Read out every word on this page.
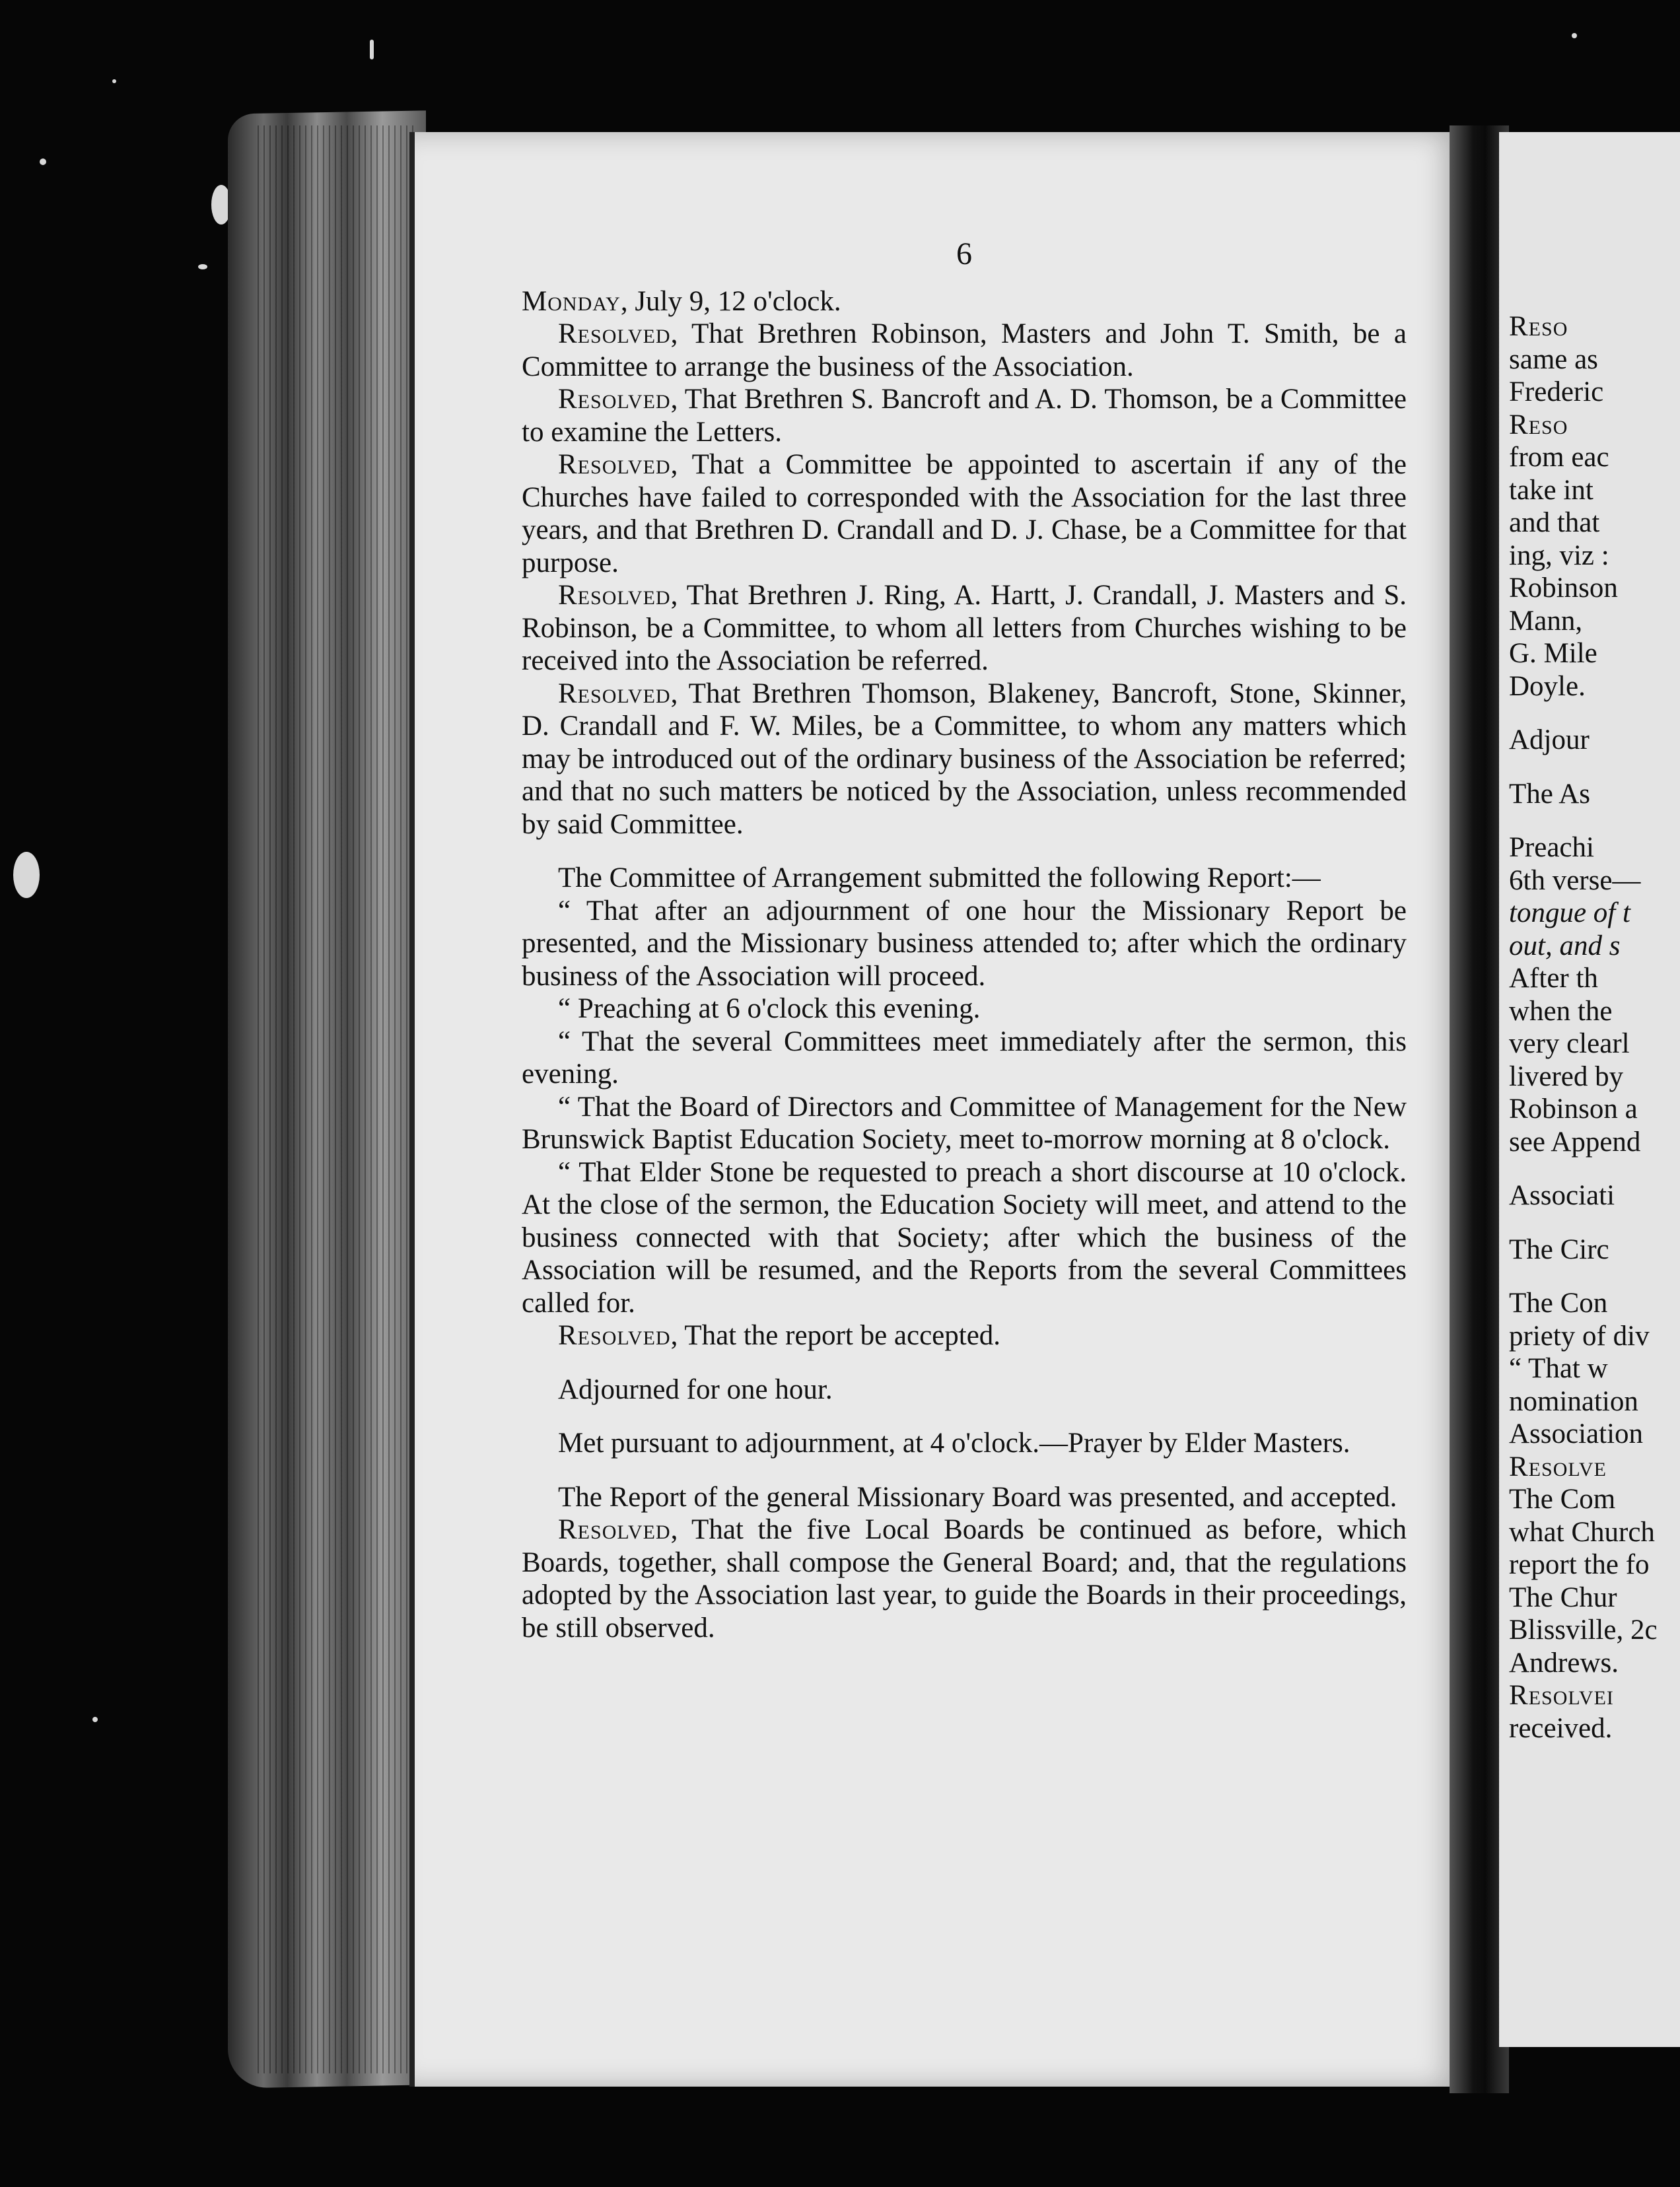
6

Monday, July 9, 12 o'clock.

Resolved, That Brethren Robinson, Masters and John T. Smith, be a Committee to arrange the business of the Association.

Resolved, That Brethren S. Bancroft and A. D. Thomson, be a Committee to examine the Letters.

Resolved, That a Committee be appointed to ascertain if any of the Churches have failed to corresponded with the Association for the last three years, and that Brethren D. Crandall and D. J. Chase, be a Committee for that purpose.

Resolved, That Brethren J. Ring, A. Hartt, J. Crandall, J. Masters and S. Robinson, be a Committee, to whom all letters from Churches wishing to be received into the Association be referred.

Resolved, That Brethren Thomson, Blakeney, Bancroft, Stone, Skinner, D. Crandall and F. W. Miles, be a Committee, to whom any matters which may be introduced out of the ordinary business of the Association be referred; and that no such matters be noticed by the Association, unless recommended by said Committee.

The Committee of Arrangement submitted the following Report:—

“ That after an adjournment of one hour the Missionary Report be presented, and the Missionary business attended to; after which the ordinary business of the Association will proceed.

“ Preaching at 6 o'clock this evening.

“ That the several Committees meet immediately after the sermon, this evening.

“ That the Board of Directors and Committee of Management for the New Brunswick Baptist Education Society, meet to-morrow morning at 8 o'clock.

“ That Elder Stone be requested to preach a short discourse at 10 o'clock. At the close of the sermon, the Education Society will meet, and attend to the business connected with that Society; after which the business of the Association will be resumed, and the Reports from the several Committees called for.

Resolved, That the report be accepted.

Adjourned for one hour.

Met pursuant to adjournment, at 4 o'clock.—Prayer by Elder Masters.

The Report of the general Missionary Board was presented, and accepted.

Resolved, That the five Local Boards be continued as before, which Boards, together, shall compose the General Board; and, that the regulations adopted by the Association last year, to guide the Boards in their proceedings, be still observed.

Reso
same as
Frederic
Reso
from eac
take int
and that
ing, viz :
Robinson
Mann,
G. Mile
Doyle.
Adjour
The As
Preachi
6th verse—
tongue of t
out, and s
After th
when the
very clearl
livered by
Robinson a
see Append
Associati
The Circ
The Con
priety of div
“ That w
nomination
Association
Resolve
The Com
what Church
report the fo
The Chur
Blissville, 2c
Andrews.
Resolvei
received.
